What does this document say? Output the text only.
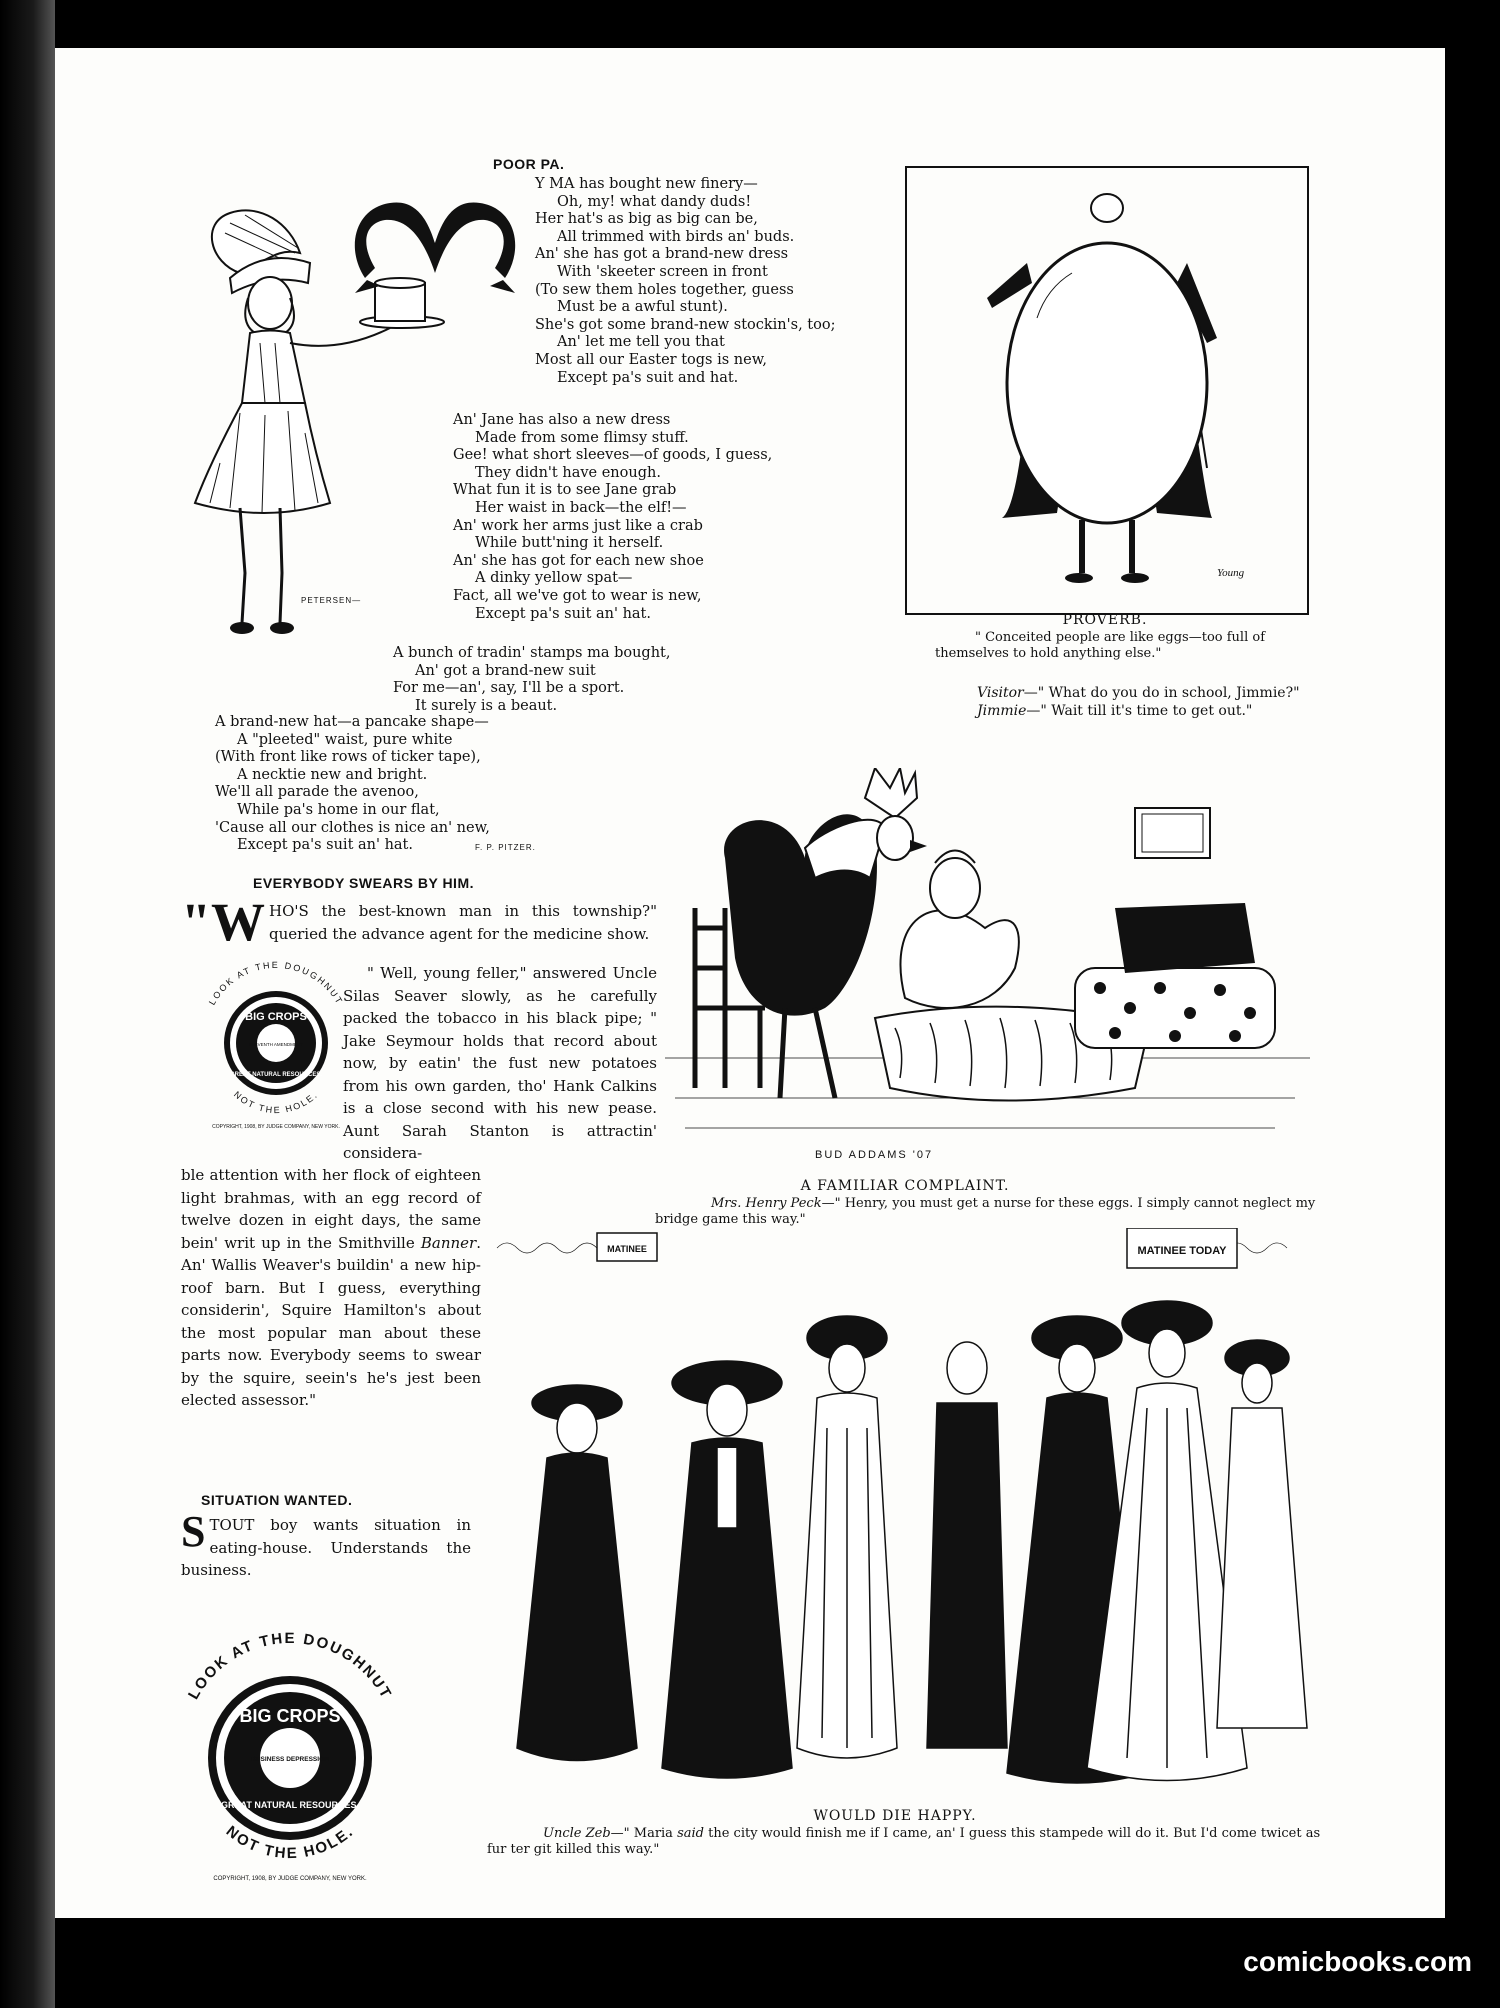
POOR PA.
PETERSEN—
Y MA has bought new finery—
Oh, my! what dandy duds!
Her hat's as big as big can be,
All trimmed with birds an' buds.
An' she has got a brand-new dress
With 'skeeter screen in front
(To sew them holes together, guess
Must be a awful stunt).
She's got some brand-new stockin's, too;
An' let me tell you that
Most all our Easter togs is new,
Except pa's suit and hat.
An' Jane has also a new dress
Made from some flimsy stuff.
Gee! what short sleeves—of goods, I guess,
They didn't have enough.
What fun it is to see Jane grab
Her waist in back—the elf!—
An' work her arms just like a crab
While butt'ning it herself.
An' she has got for each new shoe
A dinky yellow spat—
Fact, all we've got to wear is new,
Except pa's suit an' hat.
A bunch of tradin' stamps ma bought,
An' got a brand-new suit
For me—an', say, I'll be a sport.
It surely is a beaut.
A brand-new hat—a pancake shape—
A "pleeted" waist, pure white
(With front like rows of ticker tape),
A necktie new and bright.
We'll all parade the avenoo,
While pa's home in our flat,
'Cause all our clothes is nice an' new,
Except pa's suit an' hat.	F. P. PITZER.
Young
PROVERB.
" Conceited people are like eggs—too full of themselves to hold anything else."
Visitor—" What do you do in school, Jimmie?"
Jimmie—" Wait till it's time to get out."
EVERYBODY SWEARS BY HIM.
"WHO'S the best-known man in this township?" queried the advance agent for the medicine show.
LOOK AT THE DOUGHNUT
BIG CROPS
GREAT NATURAL RESOURCES.
ELEVENTH AMENDMENT
NOT THE HOLE.
COPYRIGHT, 1908, BY JUDGE COMPANY, NEW YORK.
" Well, young feller," answered Uncle Silas Seaver slowly, as he carefully packed the tobacco in his black pipe; " Jake Seymour holds that record about now, by eatin' the fust new potatoes from his own garden, tho' Hank Calkins is a close second with his new pease. Aunt Sarah Stanton is attractin' considera-
ble attention with her flock of eighteen light brahmas, with an egg record of twelve dozen in eight days, the same bein' writ up in the Smithville Banner. An' Wallis Weaver's buildin' a new hip-roof barn. But I guess, everything considerin', Squire Hamilton's about the most popular man about these parts now. Everybody seems to swear by the squire, seein's he's jest been elected assessor."
SITUATION WANTED.
STOUT boy wants situation in eating-house. Understands the business.
LOOK AT THE DOUGHNUT
BIG CROPS
GREAT NATURAL RESOURCES.
BUSINESS DEPRESSION
NOT THE HOLE.
COPYRIGHT, 1908, BY JUDGE COMPANY, NEW YORK.
BUD ADDAMS '07
A FAMILIAR COMPLAINT.
Mrs. Henry Peck—" Henry, you must get a nurse for these eggs. I simply cannot neglect my bridge game this way."
MATINEE	MATINEE TODAY
WOULD DIE HAPPY.
Uncle Zeb—" Maria said the city would finish me if I came, an' I guess this stampede will do it. But I'd come twicet as fur ter git killed this way."
comicbooks.com
